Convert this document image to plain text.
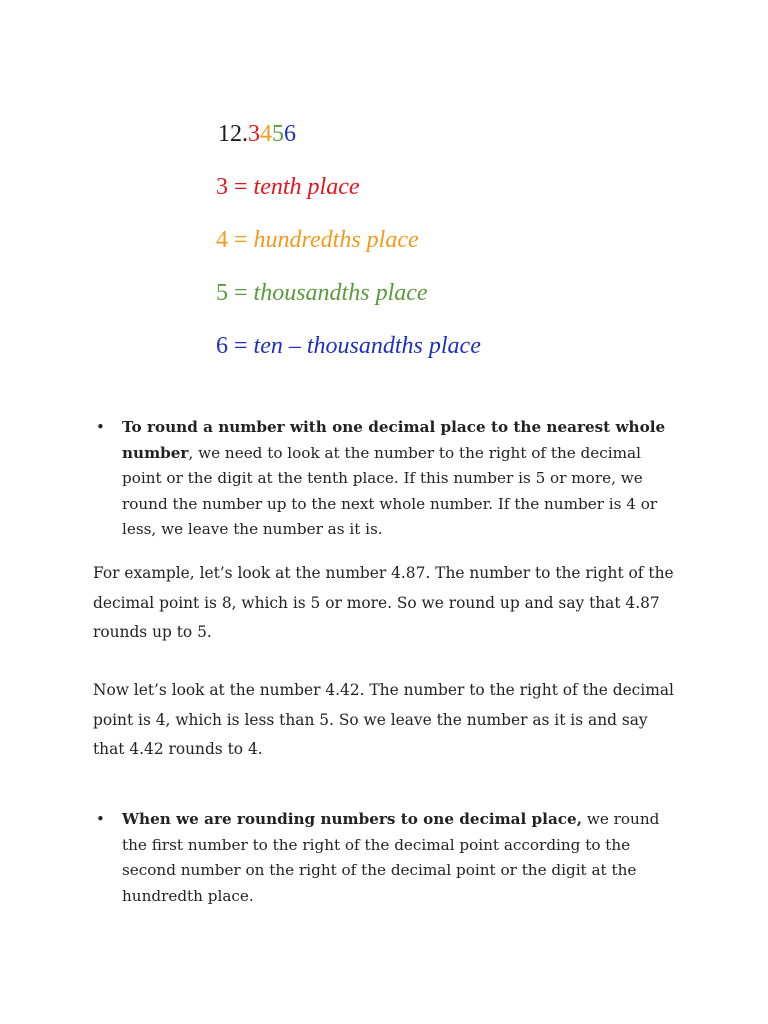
12.3456
3 = tenth place
4 = hundredths place
5 = thousandths place
6 = ten – thousandths place
• To round a number with one decimal place to the nearest whole number, we need to look at the number to the right of the decimal point or the digit at the tenth place. If this number is 5 or more, we round the number up to the next whole number. If the number is 4 or less, we leave the number as it is.

For example, let’s look at the number 4.87. The number to the right of the decimal point is 8, which is 5 or more. So we round up and say that 4.87 rounds up to 5.

Now let’s look at the number 4.42. The number to the right of the decimal point is 4, which is less than 5. So we leave the number as it is and say that 4.42 rounds to 4.

• When we are rounding numbers to one decimal place, we round the first number to the right of the decimal point according to the second number on the right of the decimal point or the digit at the hundredth place.
